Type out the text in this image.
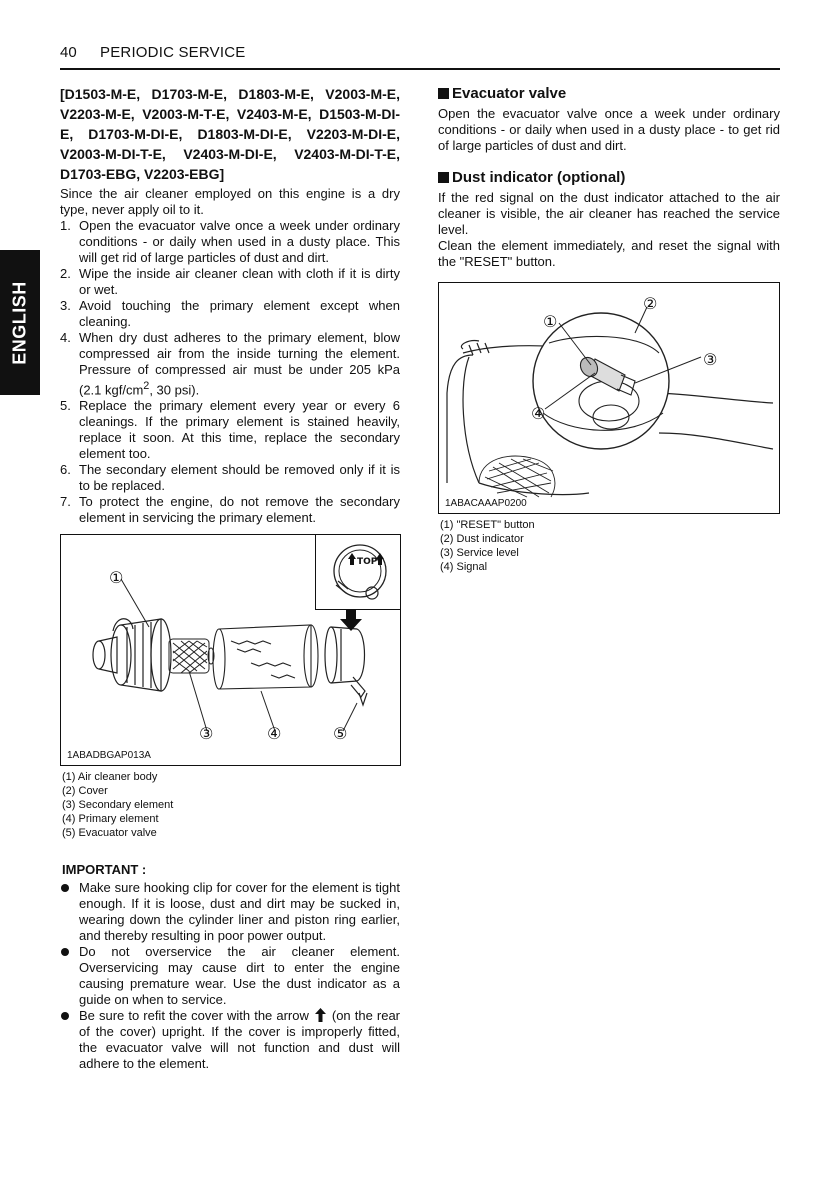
40 PERIODIC SERVICE
ENGLISH

[D1503-M-E, D1703-M-E, D1803-M-E, V2003-M-E, V2203-M-E, V2003-M-T-E, V2403-M-E, D1503-M-DI-E, D1703-M-DI-E, D1803-M-DI-E, V2203-M-DI-E, V2003-M-DI-T-E, V2403-M-DI-E, V2403-M-DI-T-E, D1703-EBG, V2203-EBG]

Since the air cleaner employed on this engine is a dry type, never apply oil to it.

1. Open the evacuator valve once a week under ordinary conditions - or daily when used in a dusty place. This will get rid of large particles of dust and dirt.
2. Wipe the inside air cleaner clean with cloth if it is dirty or wet.
3. Avoid touching the primary element except when cleaning.
4. When dry dust adheres to the primary element, blow compressed air from the inside turning the element. Pressure of compressed air must be under 205 kPa (2.1 kgf/$cm^2$, 30 psi).
5. Replace the primary element every year or every 6 cleanings. If the primary element is stained heavily, replace it soon. At this time, replace the secondary element too.
6. The secondary element should be removed only if it is to be replaced.
7. To protect the engine, do not remove the secondary element in servicing the primary element.
①
③	④	⑤
TOP
1ABADBGAP013A
(1) Air cleaner body
(2) Cover
(3) Secondary element
(4) Primary element
(5) Evacuator valve
IMPORTANT :
Make sure hooking clip for cover for the element is tight enough. If it is loose, dust and dirt may be sucked in, wearing down the cylinder liner and piston ring earlier, and thereby resulting in poor power output.
Do not overservice the air cleaner element. Overservicing may cause dirt to enter the engine causing premature wear. Use the dust indicator as a guide on when to service.
Be sure to refit the cover with the arrow (on the rear of the cover) upright. If the cover is improperly fitted, the evacuator valve will not function and dust will adhere to the element.
Evacuator valve

Open the evacuator valve once a week under ordinary conditions - or daily when used in a dusty place - to get rid of large particles of dust and dirt.

Dust indicator (optional)

If the red signal on the dust indicator attached to the air cleaner is visible, the air cleaner has reached the service level.

Clean the element immediately, and reset the signal with the "RESET" button.

①
②
③
④
1ABACAAAP0200
(1) "RESET" button
(2) Dust indicator
(3) Service level
(4) Signal
